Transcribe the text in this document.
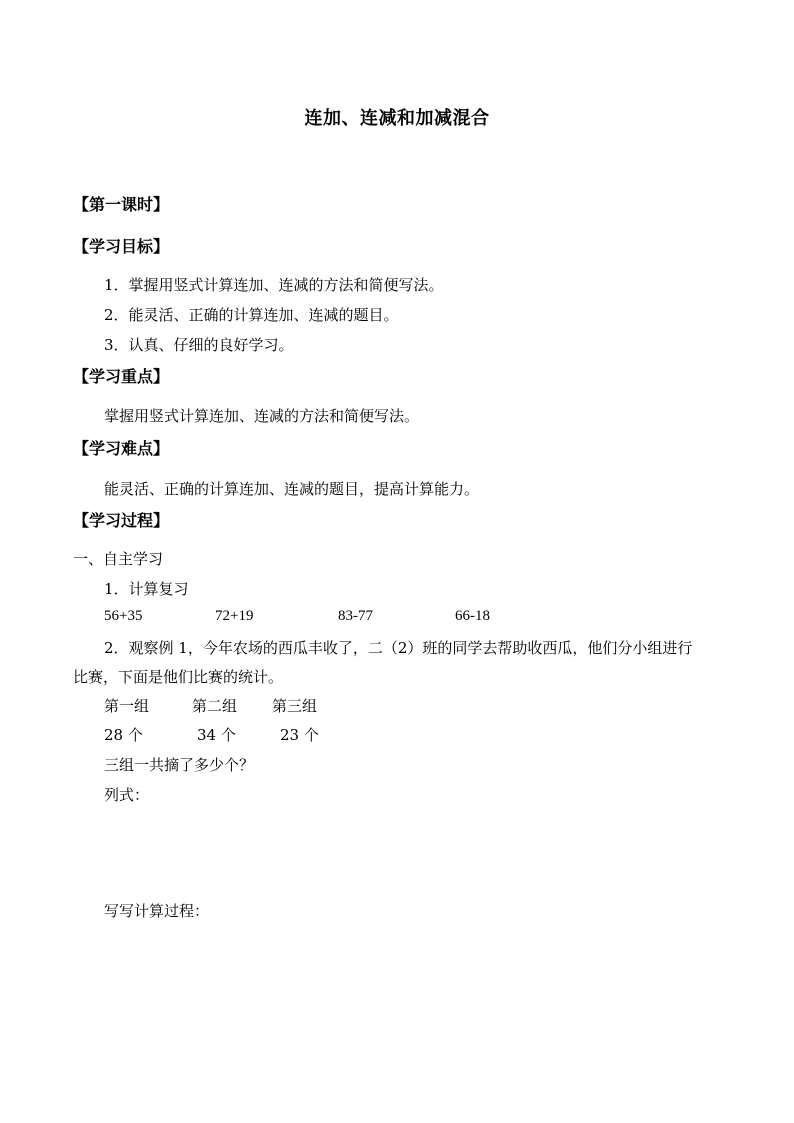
连加、连减和加减混合
【第一课时】
【学习目标】
1．掌握用竖式计算连加、连减的方法和简便写法。
2．能灵活、正确的计算连加、连减的题目。
3．认真、仔细的良好学习。
【学习重点】
掌握用竖式计算连加、连减的方法和简便写法。
【学习难点】
能灵活、正确的计算连加、连减的题目，提高计算能力。
【学习过程】
一、自主学习
1．计算复习
56+35	72+19	83-77	66-18
2．观察例 1，今年农场的西瓜丰收了，二（2）班的同学去帮助收西瓜，他们分小组进行
比赛，下面是他们比赛的统计。
第一组	第二组 第三组
28 个	34 个	23 个
三组一共摘了多少个？
列式：
写写计算过程：
